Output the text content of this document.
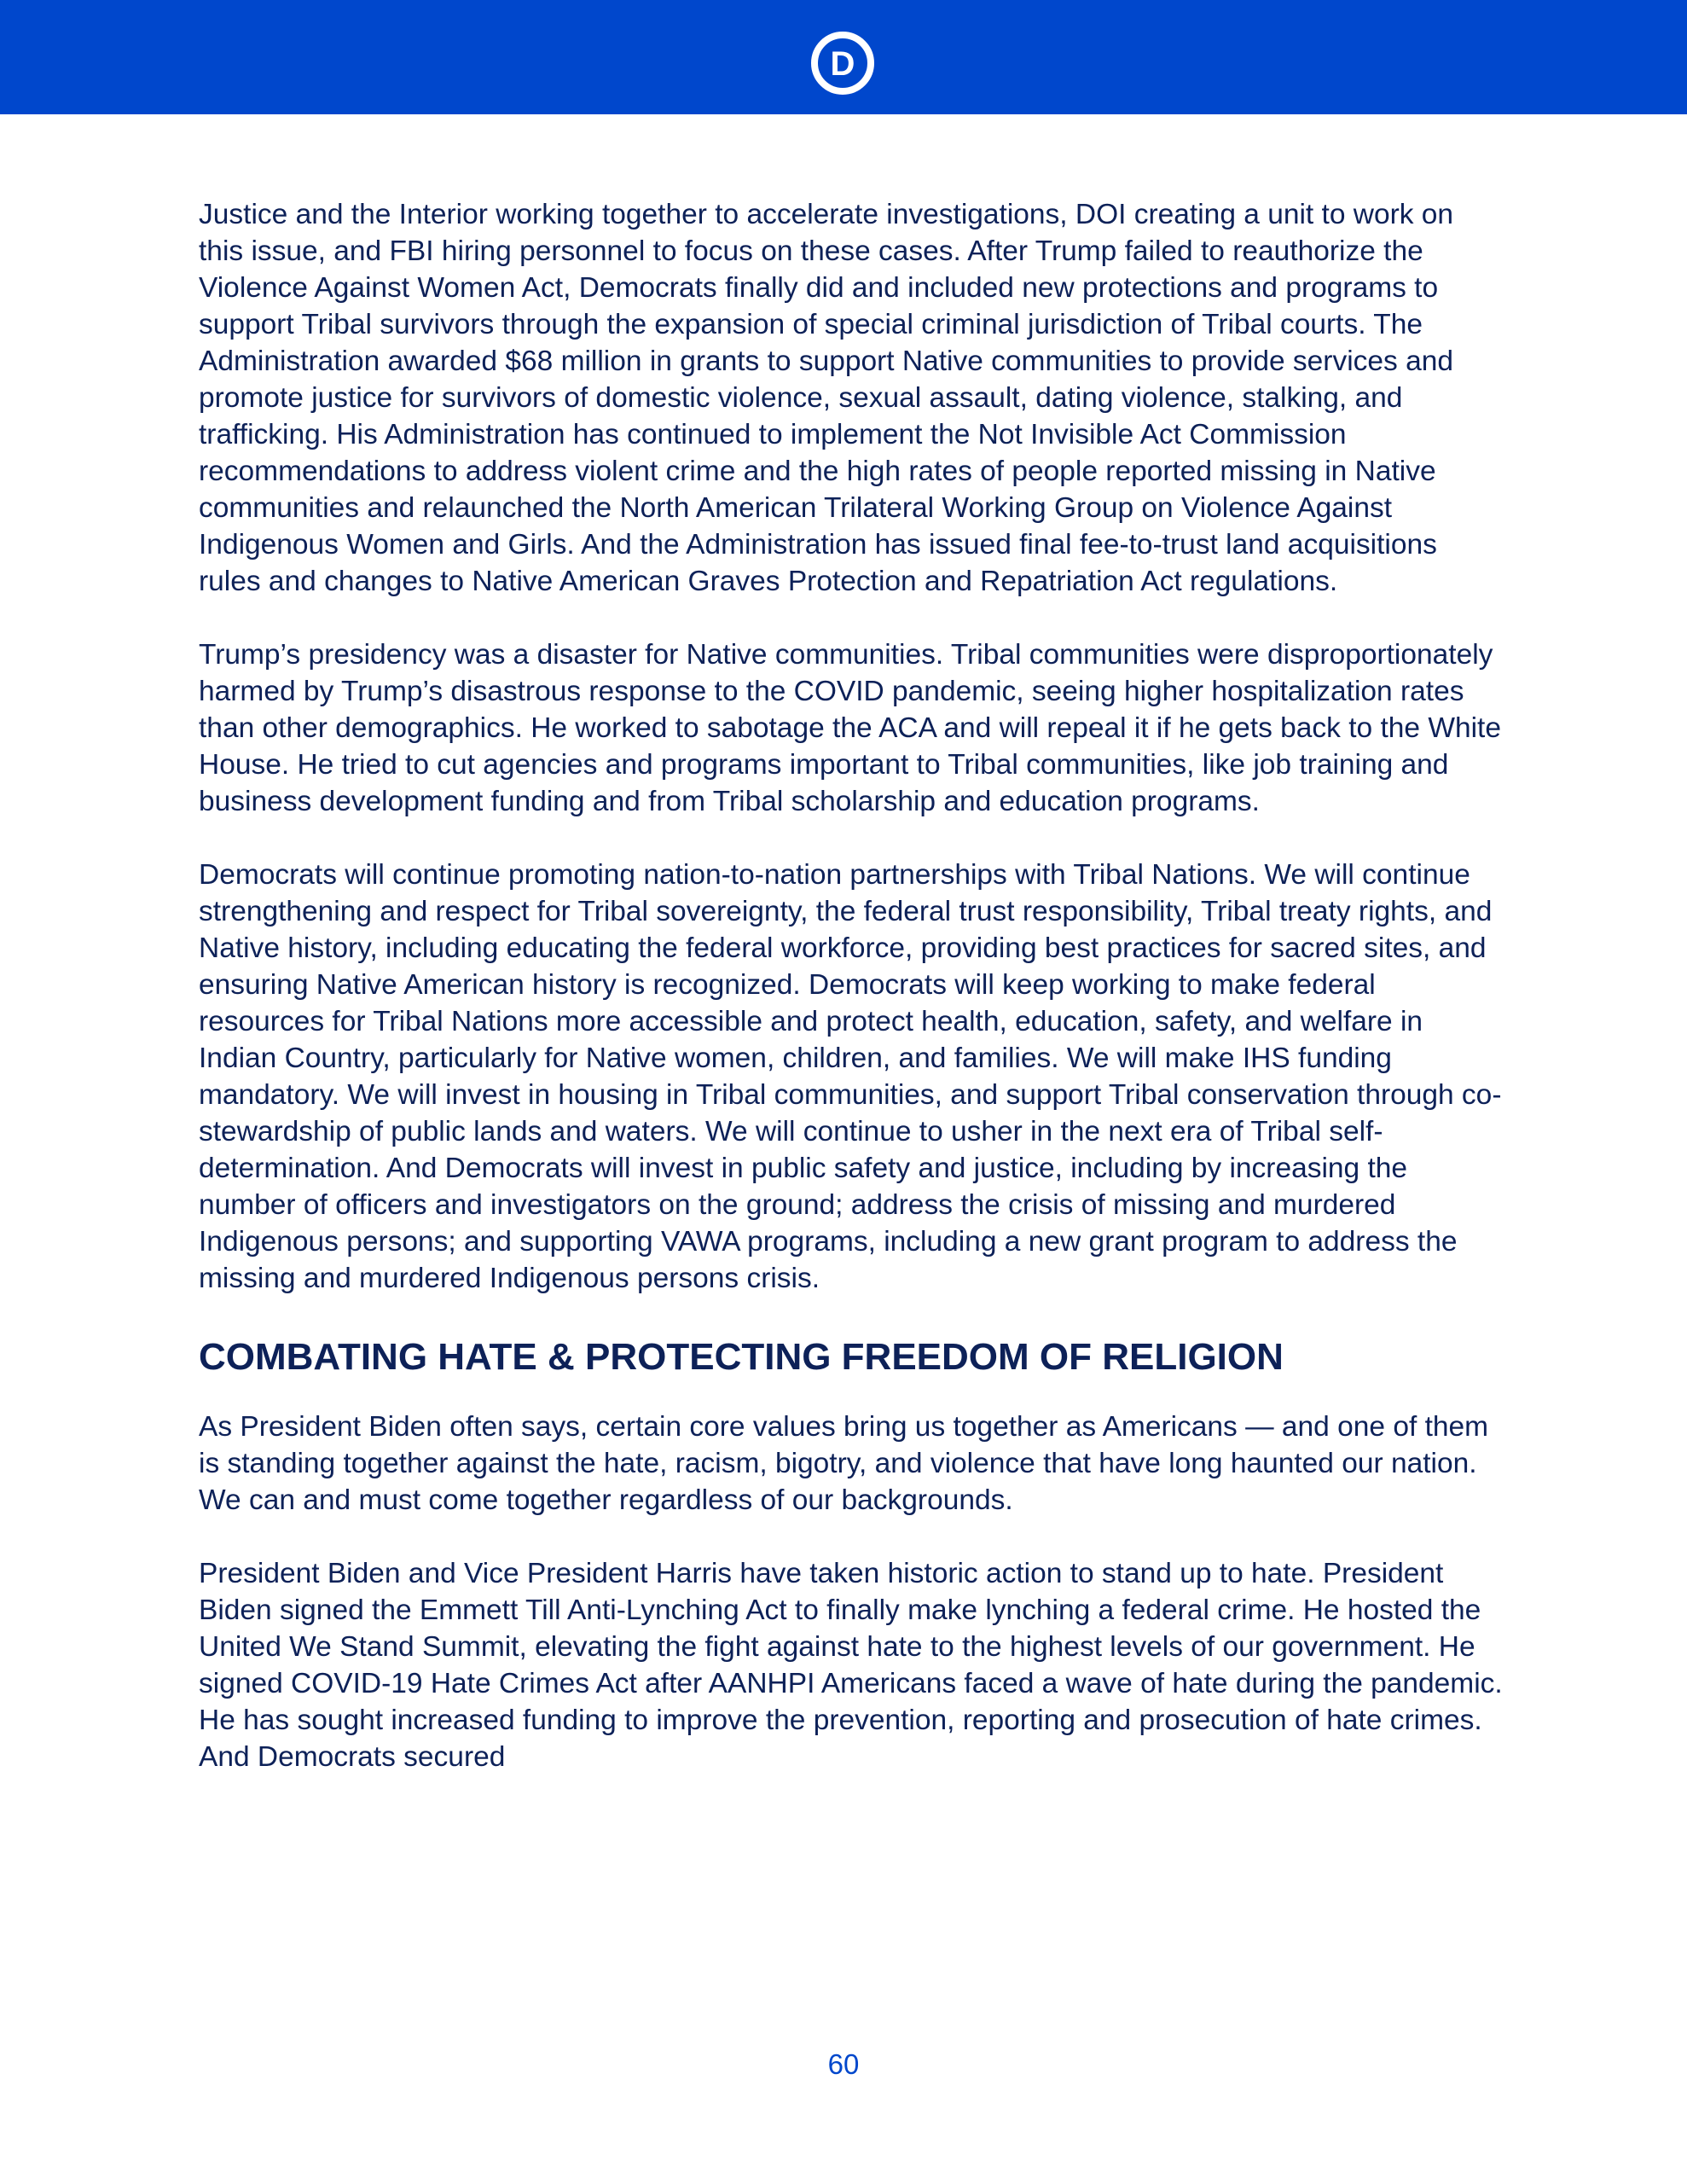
D

Justice and the Interior working together to accelerate investigations, DOI creating a unit to work on this issue, and FBI hiring personnel to focus on these cases. After Trump failed to reauthorize the Violence Against Women Act, Democrats finally did and included new protections and programs to support Tribal survivors through the expansion of special criminal jurisdiction of Tribal courts. The Administration awarded $68 million in grants to support Native communities to provide services and promote justice for survivors of domestic violence, sexual assault, dating violence, stalking, and trafficking. His Administration has continued to implement the Not Invisible Act Commission recommendations to address violent crime and the high rates of people reported missing in Native communities and relaunched the North American Trilateral Working Group on Violence Against Indigenous Women and Girls. And the Administration has issued final fee-to-trust land acquisitions rules and changes to Native American Graves Protection and Repatriation Act regulations.

Trump’s presidency was a disaster for Native communities. Tribal communities were disproportionately harmed by Trump’s disastrous response to the COVID pandemic, seeing higher hospitalization rates than other demographics. He worked to sabotage the ACA and will repeal it if he gets back to the White House. He tried to cut agencies and programs important to Tribal communities, like job training and business development funding and from Tribal scholarship and education programs.

Democrats will continue promoting nation-to-nation partnerships with Tribal Nations. We will continue strengthening and respect for Tribal sovereignty, the federal trust responsibility, Tribal treaty rights, and Native history, including educating the federal workforce, providing best practices for sacred sites, and ensuring Native American history is recognized. Democrats will keep working to make federal resources for Tribal Nations more accessible and protect health, education, safety, and welfare in Indian Country, particularly for Native women, children, and families. We will make IHS funding mandatory. We will invest in housing in Tribal communities, and support Tribal conservation through co-stewardship of public lands and waters. We will continue to usher in the next era of Tribal self-determination. And Democrats will invest in public safety and justice, including by increasing the number of officers and investigators on the ground; address the crisis of missing and murdered Indigenous persons; and supporting VAWA programs, including a new grant program to address the missing and murdered Indigenous persons crisis.

COMBATING HATE & PROTECTING FREEDOM OF RELIGION

As President Biden often says, certain core values bring us together as Americans — and one of them is standing together against the hate, racism, bigotry, and violence that have long haunted our nation. We can and must come together regardless of our backgrounds.

President Biden and Vice President Harris have taken historic action to stand up to hate. President Biden signed the Emmett Till Anti-Lynching Act to finally make lynching a federal crime. He hosted the United We Stand Summit, elevating the fight against hate to the highest levels of our government. He signed COVID-19 Hate Crimes Act after AANHPI Americans faced a wave of hate during the pandemic. He has sought increased funding to improve the prevention, reporting and prosecution of hate crimes. And Democrats secured

60
